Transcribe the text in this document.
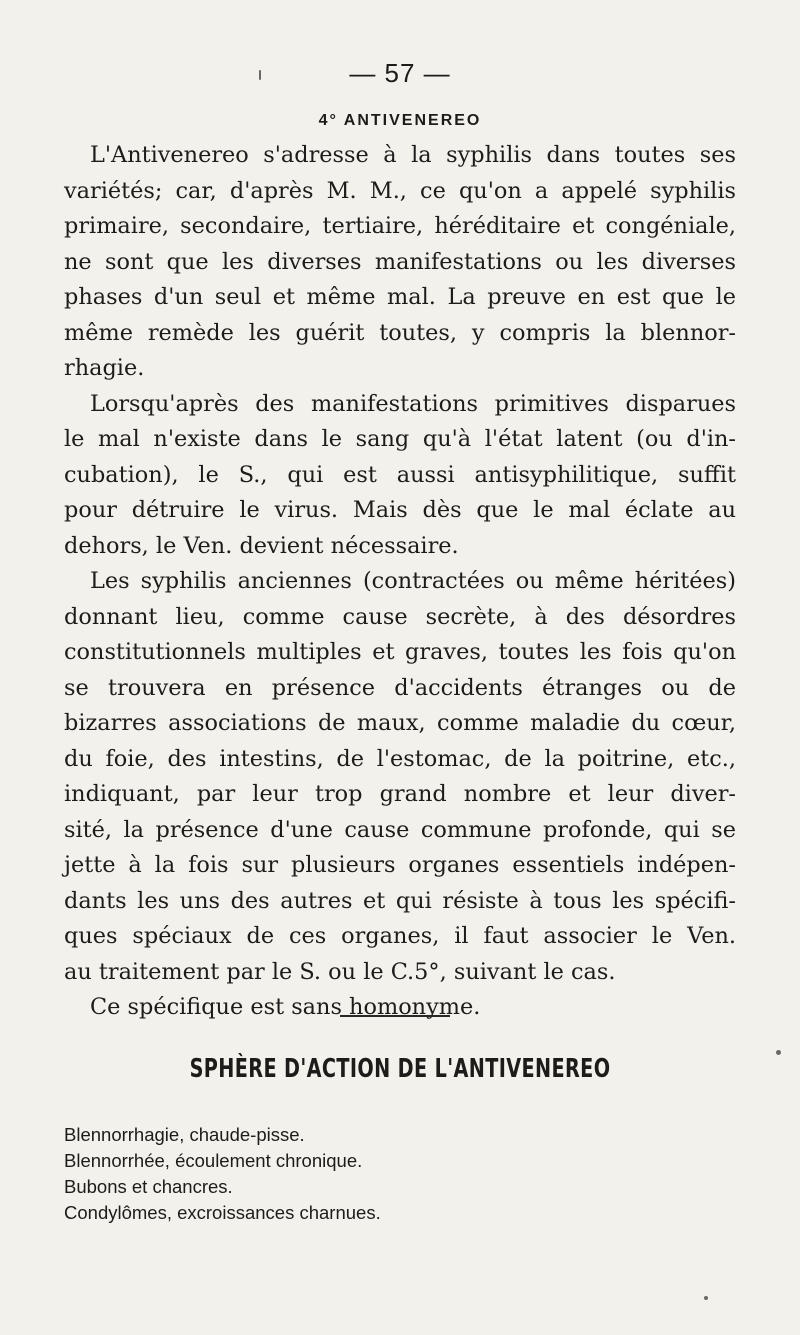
— 57 —
4° ANTIVENEREO
L'Antivenereo s'adresse à la syphilis dans toutes ses
variétés; car, d'après M. M., ce qu'on a appelé syphilis
primaire, secondaire, tertiaire, héréditaire et congéniale,
ne sont que les diverses manifestations ou les diverses
phases d'un seul et même mal. La preuve en est que le
même remède les guérit toutes, y compris la blennor-
rhagie.
Lorsqu'après des manifestations primitives disparues
le mal n'existe dans le sang qu'à l'état latent (ou d'in-
cubation), le S., qui est aussi antisyphilitique, suffit
pour détruire le virus. Mais dès que le mal éclate au
dehors, le Ven. devient nécessaire.
Les syphilis anciennes (contractées ou même héritées)
donnant lieu, comme cause secrète, à des désordres
constitutionnels multiples et graves, toutes les fois qu'on
se trouvera en présence d'accidents étranges ou de
bizarres associations de maux, comme maladie du cœur,
du foie, des intestins, de l'estomac, de la poitrine, etc.,
indiquant, par leur trop grand nombre et leur diver-
sité, la présence d'une cause commune profonde, qui se
jette à la fois sur plusieurs organes essentiels indépen-
dants les uns des autres et qui résiste à tous les spécifi-
ques spéciaux de ces organes, il faut associer le Ven.
au traitement par le S. ou le C.5°, suivant le cas.
Ce spécifique est sans homonyme.
SPHÈRE D'ACTION DE L'ANTIVENEREO
Blennorrhagie, chaude-pisse.
Blennorrhée, écoulement chronique.
Bubons et chancres.
Condylômes, excroissances charnues.
